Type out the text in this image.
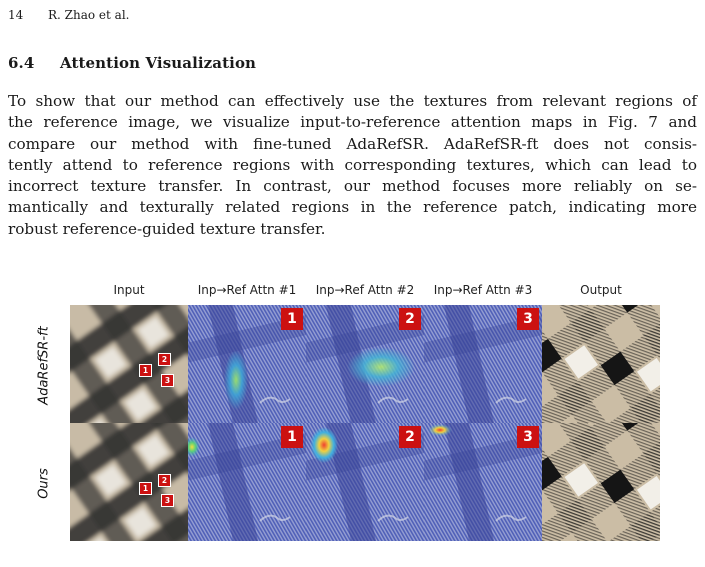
14 R. Zhao et al.
6.4 Attention Visualization

To show that our method can effectively use the textures from relevant regions of

the reference image, we visualize input-to-reference attention maps in Fig. 7 and

compare our method with fine-tuned AdaRefSR. AdaRefSR-ft does not consis-

tently attend to reference regions with corresponding textures, which can lead to

incorrect texture transfer. In contrast, our method focuses more reliably on se-

mantically and texturally related regions in the reference patch, indicating more

robust reference-guided texture transfer.

Input	Inp→Ref Attn #1	Inp→Ref Attn #2	Inp→Ref Attn #3	Output
AdaRefSR-ft
Ours
1
2
3
1	2	3
1
2
3
1	2	3
